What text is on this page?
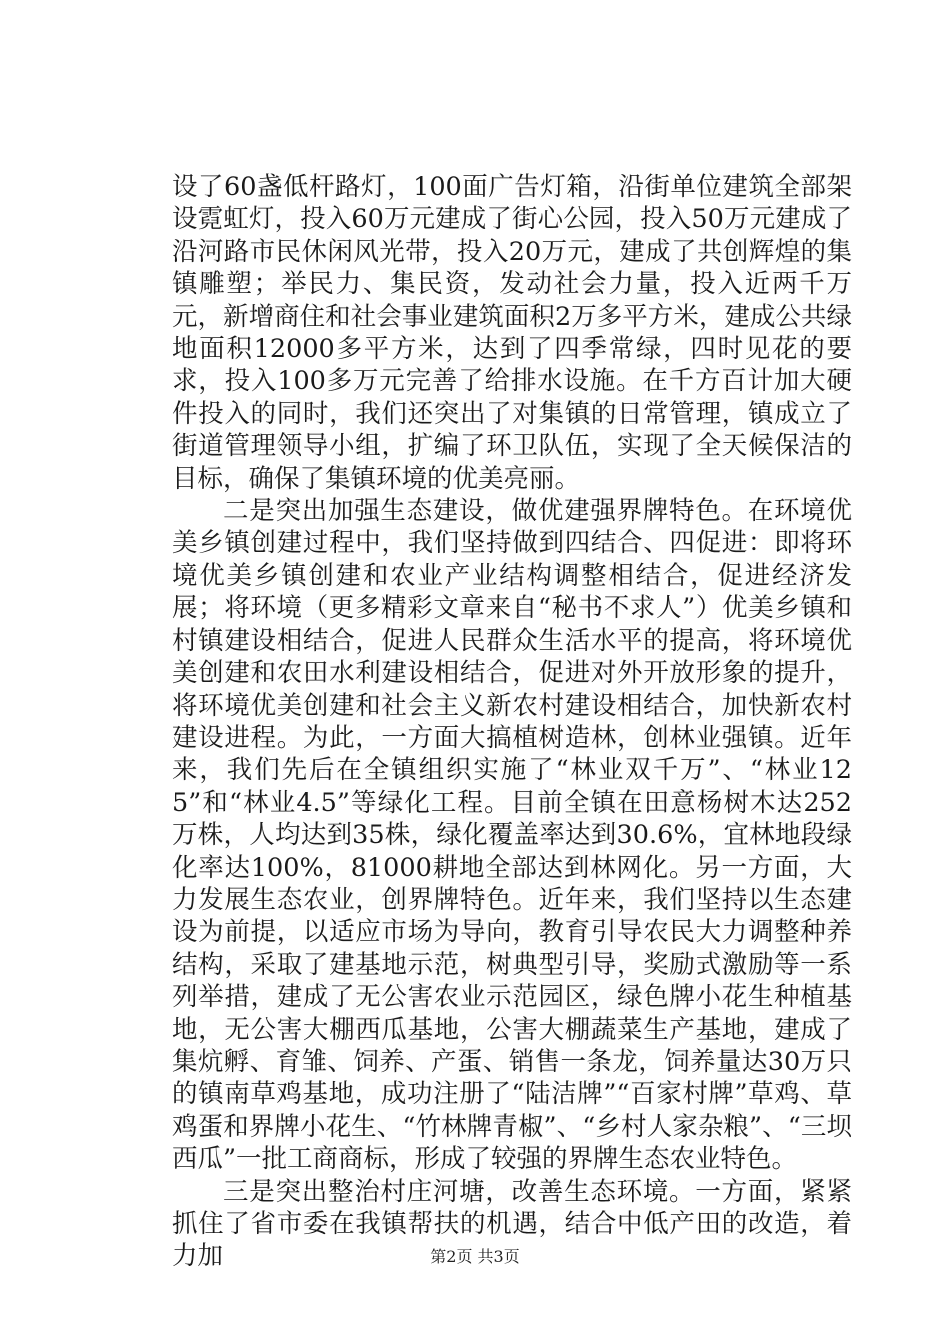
设了60盏低杆路灯，100面广告灯箱，沿街单位建筑全部架设霓虹灯，投入60万元建成了街心公园，投入50万元建成了沿河路市民休闲风光带，投入20万元，建成了共创辉煌的集镇雕塑；举民力、集民资，发动社会力量，投入近两千万元，新增商住和社会事业建筑面积2万多平方米，建成公共绿地面积12000多平方米，达到了四季常绿，四时见花的要求，投入100多万元完善了给排水设施。在千方百计加大硬件投入的同时，我们还突出了对集镇的日常管理，镇成立了街道管理领导小组，扩编了环卫队伍，实现了全天候保洁的目标，确保了集镇环境的优美亮丽。

二是突出加强生态建设，做优建强界牌特色。在环境优美乡镇创建过程中，我们坚持做到四结合、四促进：即将环境优美乡镇创建和农业产业结构调整相结合，促进经济发展；将环境（更多精彩文章来自“秘书不求人”）优美乡镇和村镇建设相结合，促进人民群众生活水平的提高，将环境优美创建和农田水利建设相结合，促进对外开放形象的提升，将环境优美创建和社会主义新农村建设相结合，加快新农村建设进程。为此，一方面大搞植树造林，创林业强镇。近年来，我们先后在全镇组织实施了“林业双千万”、“林业125”和“林业4.5”等绿化工程。目前全镇在田意杨树木达252万株，人均达到35株，绿化覆盖率达到30.6%，宜林地段绿化率达100%，81000耕地全部达到林网化。另一方面，大力发展生态农业，创界牌特色。近年来，我们坚持以生态建设为前提，以适应市场为导向，教育引导农民大力调整种养结构，采取了建基地示范，树典型引导，奖励式激励等一系列举措，建成了无公害农业示范园区，绿色牌小花生种植基地，无公害大棚西瓜基地，公害大棚蔬菜生产基地，建成了集炕孵、育雏、饲养、产蛋、销售一条龙，饲养量达30万只的镇南草鸡基地，成功注册了“陆洁牌”“百家村牌”草鸡、草鸡蛋和界牌小花生、“竹林牌青椒”、“乡村人家杂粮”、“三坝西瓜”一批工商商标，形成了较强的界牌生态农业特色。

三是突出整治村庄河塘，改善生态环境。一方面，紧紧抓住了省市委在我镇帮扶的机遇，结合中低产田的改造，着力加	第2页 共3页
